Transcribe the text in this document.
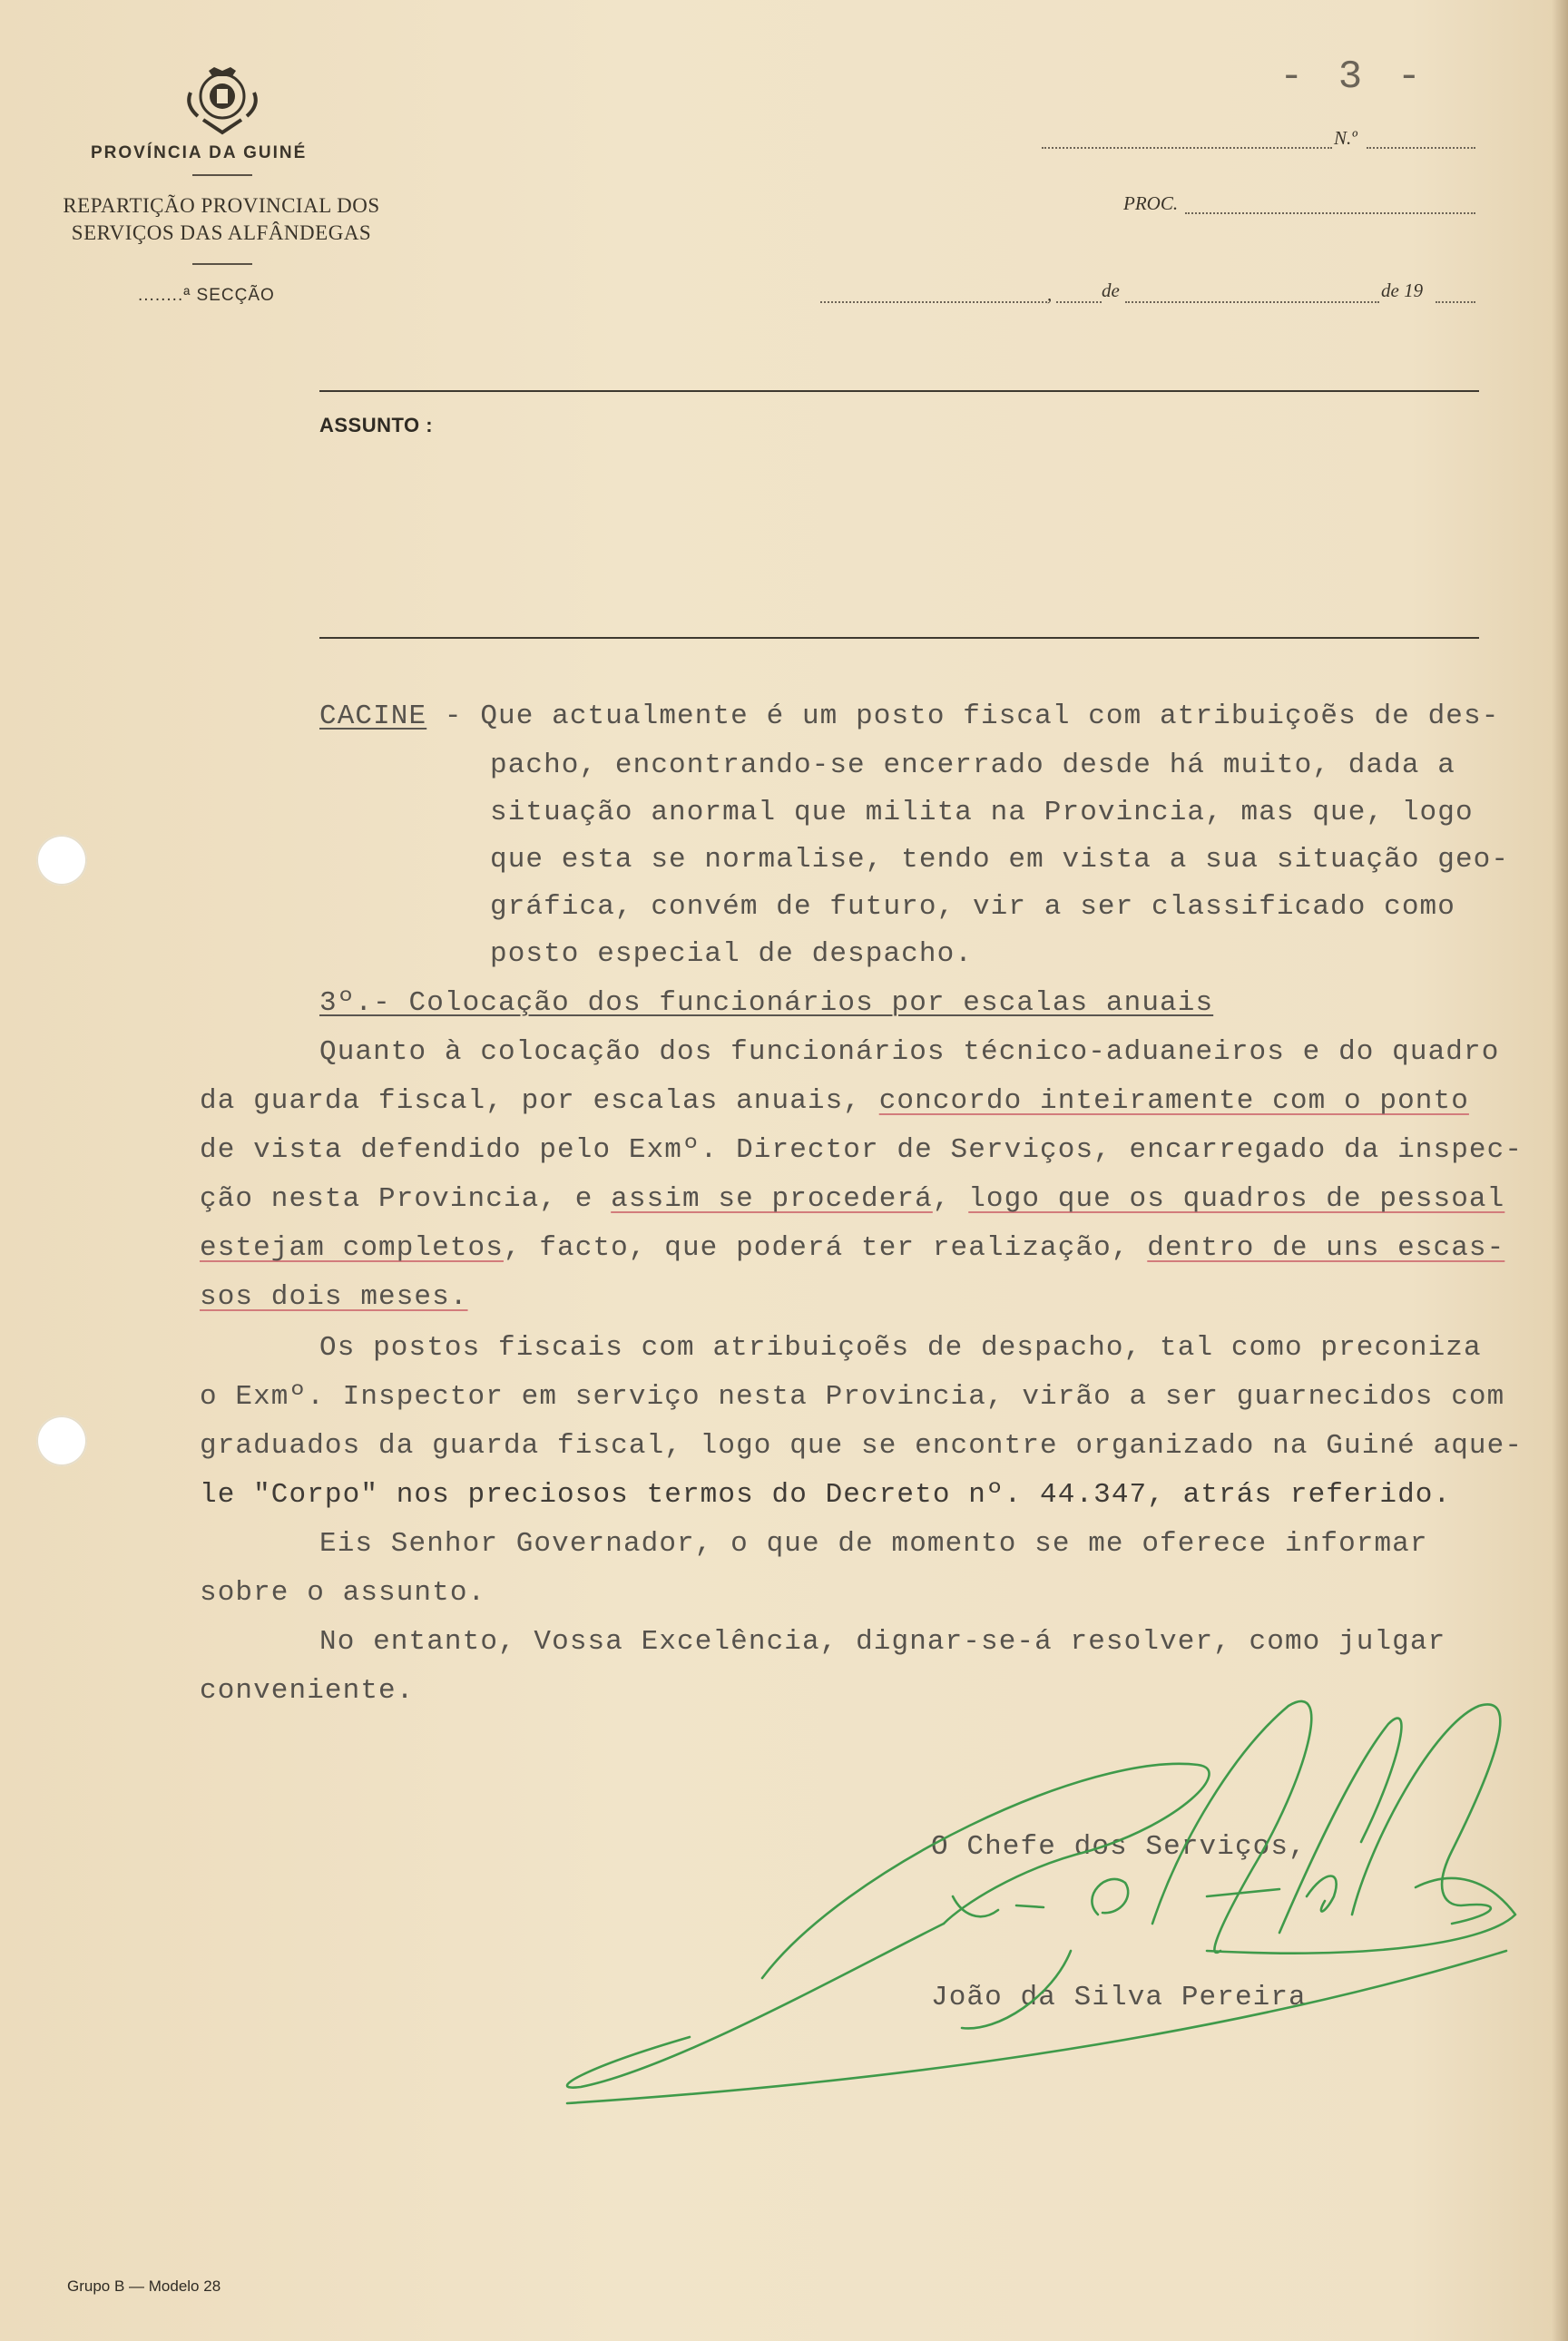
PROVÍNCIA DA GUINÉ
REPARTIÇÃO PROVINCIAL DOS
SERVIÇOS DAS ALFÂNDEGAS
........ª SECÇÃO
- 3 -
N.º
PROC.
,	de	de 19
ASSUNTO :
CACINE - Que actualmente é um posto fiscal com atribuiçoẽs de des-
pacho, encontrando-se encerrado desde há muito, dada a
situação anormal que milita na Provincia, mas que, logo
que esta se normalise, tendo em vista a sua situação geo-
gráfica, convém de futuro, vir a ser classificado como
posto especial de despacho.
3º.- Colocação dos funcionários por escalas anuais
Quanto à colocação dos funcionários técnico-aduaneiros e do quadro
da guarda fiscal, por escalas anuais, concordo inteiramente com o ponto
de vista defendido pelo Exmº. Director de Serviços, encarregado da inspec-
ção nesta Provincia, e assim se procederá, logo que os quadros de pessoal
estejam completos, facto, que poderá ter realização, dentro de uns escas-
sos dois meses.
Os postos fiscais com atribuiçoẽs de despacho, tal como preconiza
o Exmº. Inspector em serviço nesta Provincia, virão a ser guarnecidos com
graduados da guarda fiscal, logo que se encontre organizado na Guiné aque-
le "Corpo" nos preciosos termos do Decreto nº. 44.347, atrás referido.
Eis Senhor Governador, o que de momento se me oferece informar
sobre o assunto.
No entanto, Vossa Excelência, dignar-se-á resolver, como julgar
conveniente.
O Chefe dos Serviços,
João da Silva Pereira
Grupo B — Modelo 28
